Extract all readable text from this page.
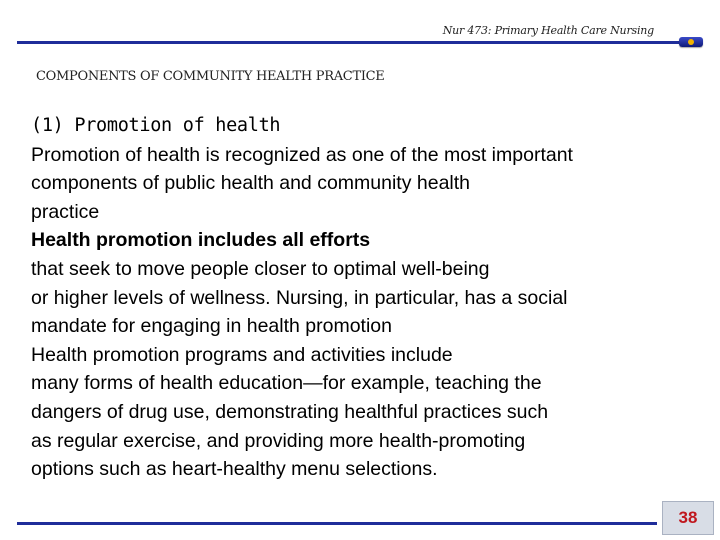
Nur 473: Primary Health Care Nursing
COMPONENTS OF COMMUNITY HEALTH PRACTICE
(1) Promotion of health
Promotion of health is recognized as one of the most important
components of public health and community health
practice
Health promotion includes all efforts
that seek to move people closer to optimal well-being
or higher levels of wellness. Nursing, in particular, has a social
mandate for engaging in health promotion
Health promotion programs and activities include
many forms of health education—for example, teaching the
dangers of drug use, demonstrating healthful practices such
as regular exercise, and providing more health-promoting
options such as heart-healthy menu selections.
38
